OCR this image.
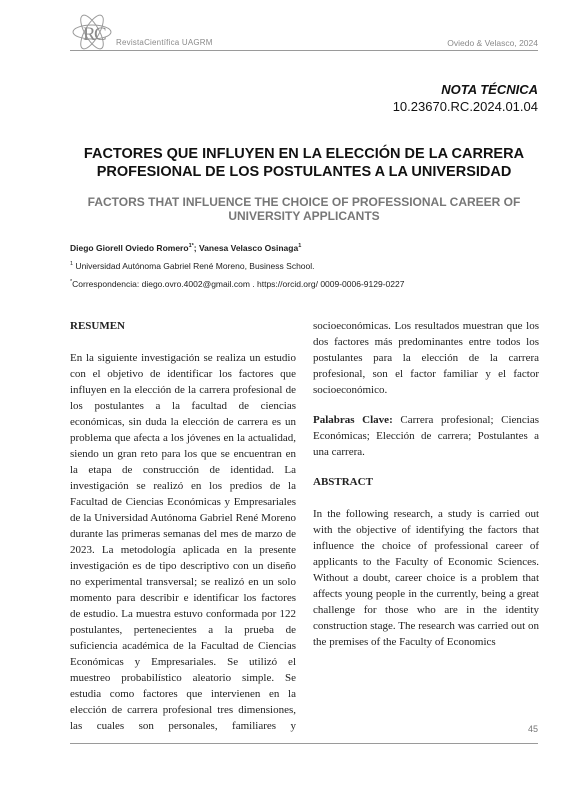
R
C RevistaCientífica UAGRM	Oviedo & Velasco, 2024
NOTA TÉCNICA
10.23670.RC.2024.01.04
FACTORES QUE INFLUYEN EN LA ELECCIÓN DE LA CARRERA PROFESIONAL DE LOS POSTULANTES A LA UNIVERSIDAD
FACTORS THAT INFLUENCE THE CHOICE OF PROFESSIONAL CAREER OF UNIVERSITY APPLICANTS
Diego Giorell Oviedo Romero$^{1*}$; Vanesa Velasco Osinaga$^1$
$^1$ Universidad Autónoma Gabriel René Moreno, Business School.
*Correspondencia: diego.ovro.4002@gmail.com . https://orcid.org/ 0009-0006-9129-0227

RESUMEN

En la siguiente investigación se realiza un estudio con el objetivo de identificar los factores que influyen en la elección de la carrera profesional de los postulantes a la facultad de ciencias económicas, sin duda la elección de carrera es un problema que afecta a los jóvenes en la actualidad, siendo un gran reto para los que se encuentran en la etapa de construcción de identidad. La investigación se realizó en los predios de la Facultad de Ciencias Económicas y Empresariales de la Universidad Autónoma Gabriel René Moreno durante las primeras semanas del mes de marzo de 2023. La metodología aplicada en la presente investigación es de tipo descriptivo con un diseño no experimental transversal; se realizó en un solo momento para describir e identificar los factores de estudio. La muestra estuvo conformada por 122 postulantes, pertenecientes a la prueba de suficiencia académica de la Facultad de Ciencias Económicas y Empresariales. Se utilizó el muestreo probabilístico aleatorio simple. Se estudia como factores que intervienen en la elección de carrera profesional tres dimensiones, las cuales son personales, familiares y

socioeconómicas. Los resultados muestran que los dos factores más predominantes entre todos los postulantes para la elección de la carrera profesional, son el factor familiar y el factor socioeconómico.

Palabras Clave: Carrera profesional; Ciencias Económicas; Elección de carrera; Postulantes a una carrera.

ABSTRACT

In the following research, a study is carried out with the objective of identifying the factors that influence the choice of professional career of applicants to the Faculty of Economic Sciences. Without a doubt, career choice is a problem that affects young people in the currently, being a great challenge for those who are in the identity construction stage. The research was carried out on the premises of the Faculty of Economics

45
